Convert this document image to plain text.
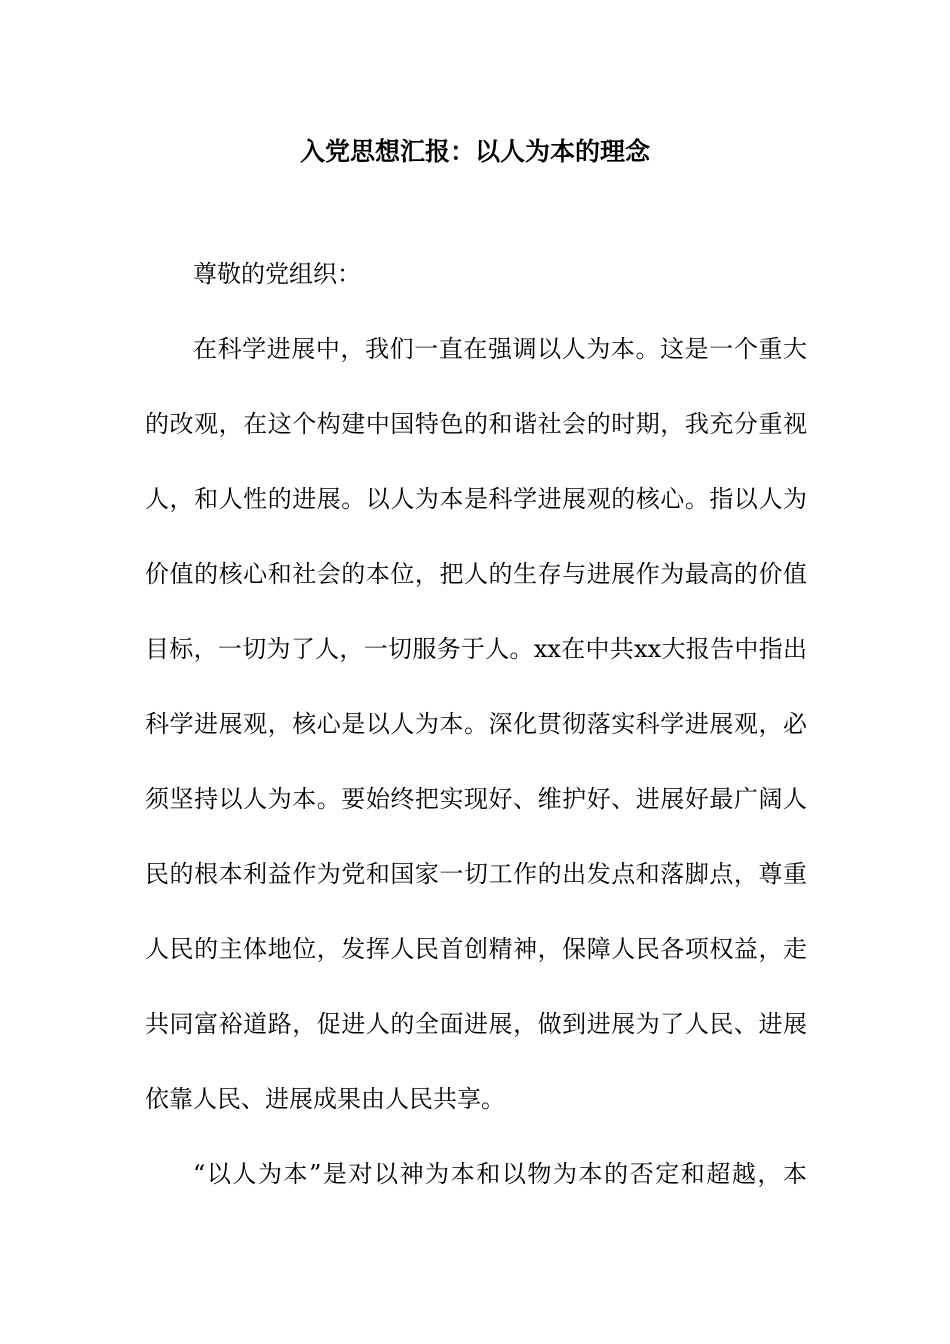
入党思想汇报：以人为本的理念
尊敬的党组织：
在科学进展中，我们一直在强调以人为本。这是一个重大
的改观，在这个构建中国特色的和谐社会的时期，我充分重视
人，和人性的进展。以人为本是科学进展观的核心。指以人为
价值的核心和社会的本位，把人的生存与进展作为最高的价值
目标，一切为了人，一切服务于人。xx在中共xx大报告中指出
科学进展观，核心是以人为本。深化贯彻落实科学进展观，必
须坚持以人为本。要始终把实现好、维护好、进展好最广阔人
民的根本利益作为党和国家一切工作的出发点和落脚点，尊重
人民的主体地位，发挥人民首创精神，保障人民各项权益，走
共同富裕道路，促进人的全面进展，做到进展为了人民、进展
依靠人民、进展成果由人民共享。
“以人为本”是对以神为本和以物为本的否定和超越，本
